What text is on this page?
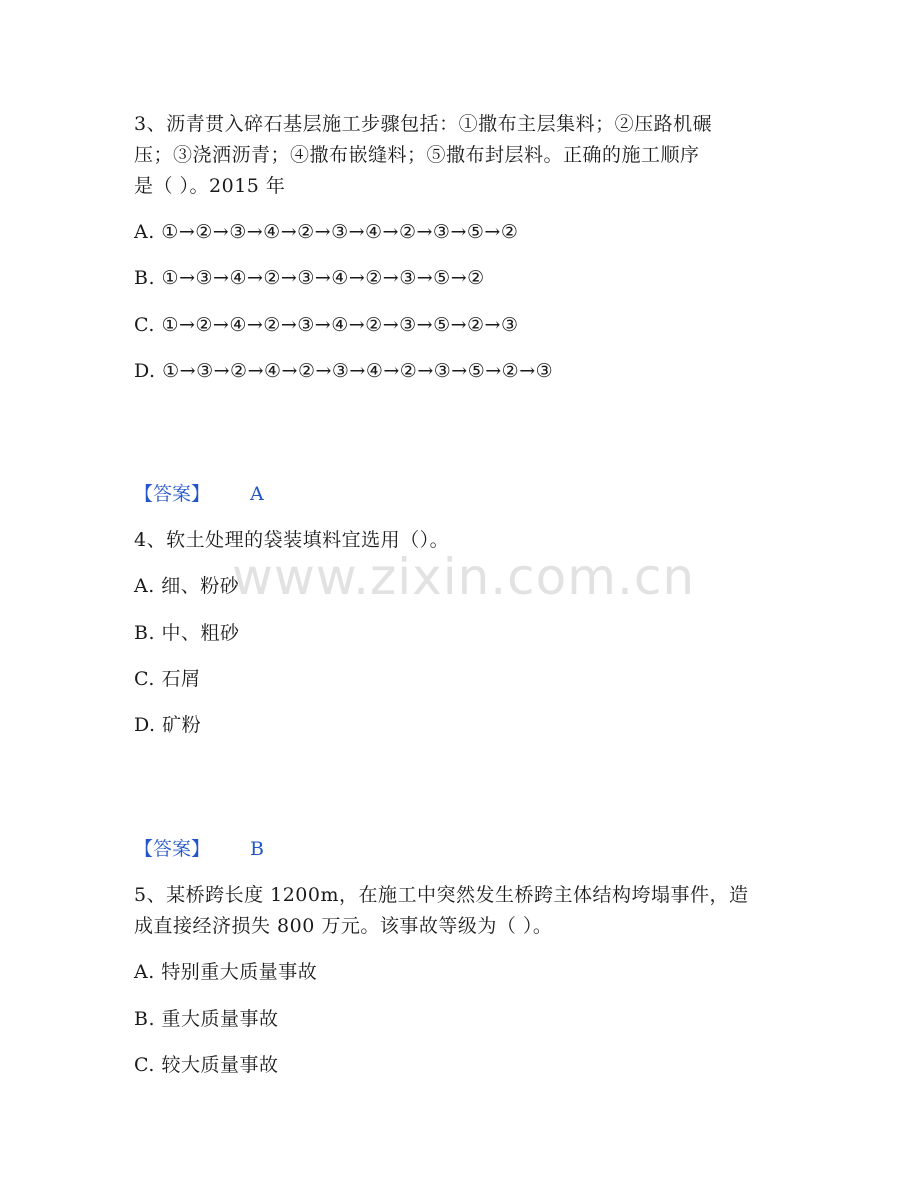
www.zixin.com.cn
3、沥青贯入碎石基层施工步骤包括：①撒布主层集料；②压路机碾
压；③浇洒沥青；④撒布嵌缝料；⑤撒布封层料。正确的施工顺序
是（ ）。2015 年
A. ①→②→③→④→②→③→④→②→③→⑤→②
B. ①→③→④→②→③→④→②→③→⑤→②
C. ①→②→④→②→③→④→②→③→⑤→②→③
D. ①→③→②→④→②→③→④→②→③→⑤→②→③
【答案】 A
4、软土处理的袋装填料宜选用（）。
A. 细、粉砂
B. 中、粗砂
C. 石屑
D. 矿粉
【答案】 B
5、某桥跨长度 1200m，在施工中突然发生桥跨主体结构垮塌事件，造
成直接经济损失 800 万元。该事故等级为（ ）。
A. 特别重大质量事故
B. 重大质量事故
C. 较大质量事故
